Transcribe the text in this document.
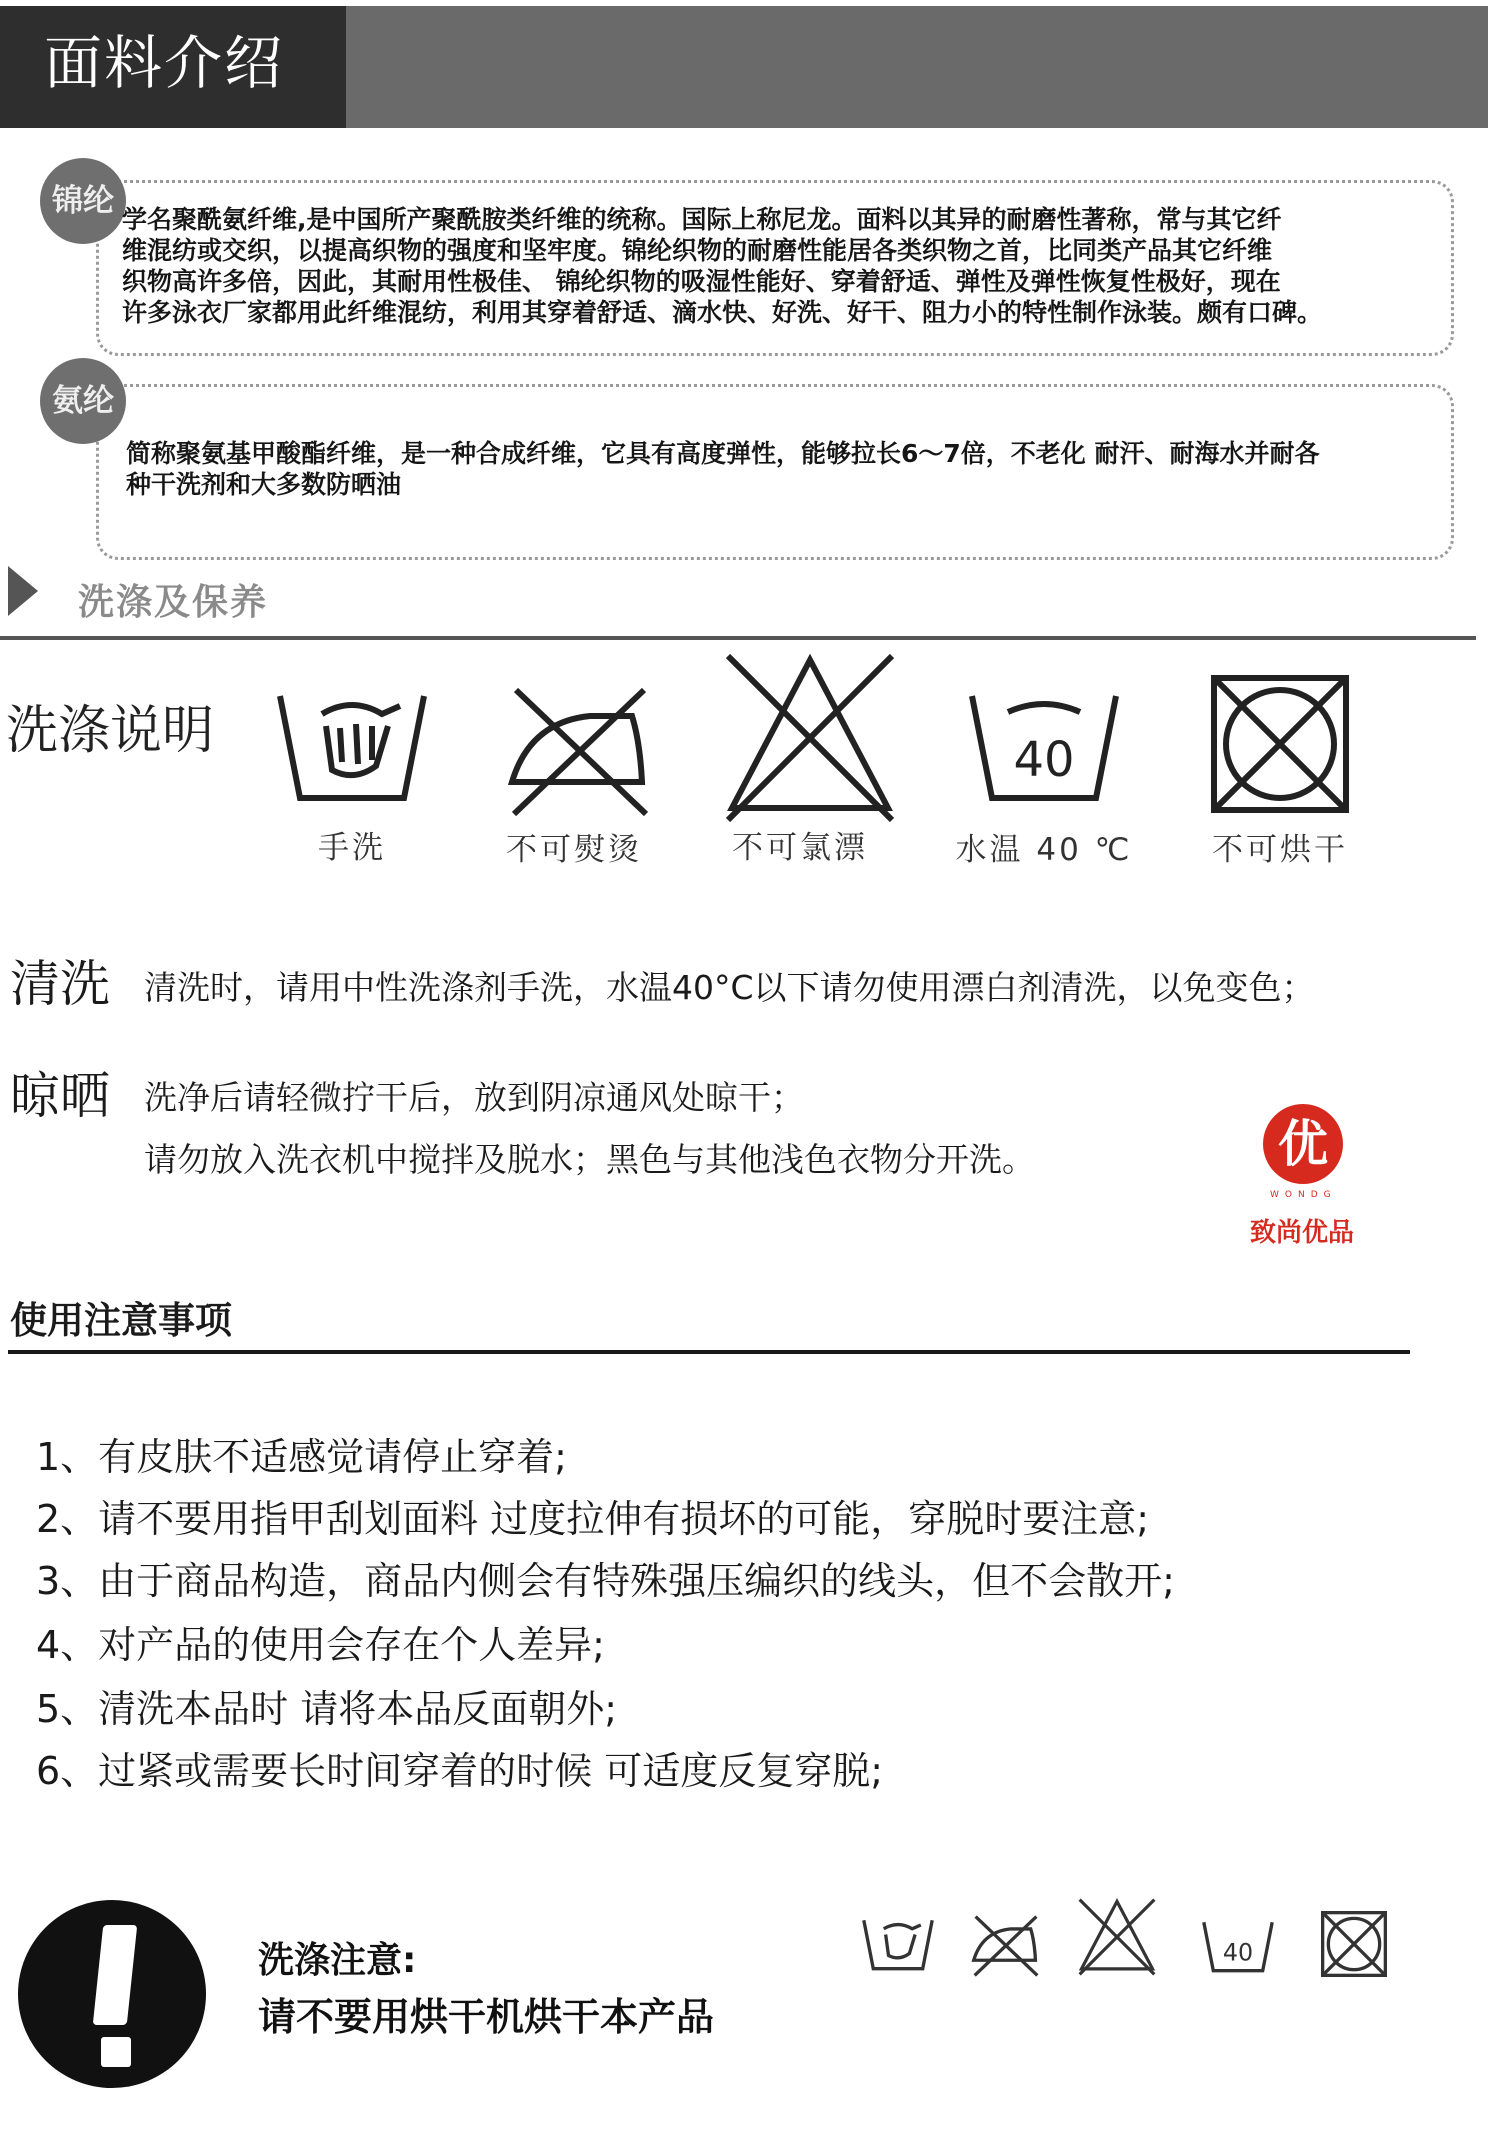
面料介绍
锦纶
学名聚酰氨纤维,是中国所产聚酰胺类纤维的统称。国际上称尼龙。面料以其异的耐磨性著称，常与其它纤
维混纺或交织，以提高织物的强度和坚牢度。锦纶织物的耐磨性能居各类织物之首，比同类产品其它纤维
织物高许多倍，因此，其耐用性极佳、 锦纶织物的吸湿性能好、穿着舒适、弹性及弹性恢复性极好，现在
许多泳衣厂家都用此纤维混纺，利用其穿着舒适、滴水快、好洗、好干、阻力小的特性制作泳装。颇有口碑。
氨纶
简称聚氨基甲酸酯纤维，是一种合成纤维，它具有高度弹性，能够拉长6～7倍，不老化 耐汗、耐海水并耐各
种干洗剂和大多数防晒油
洗涤及保养
洗涤说明	40
手洗	不可熨烫	不可氯漂	水温 40 ℃	不可烘干
清洗 清洗时，请用中性洗涤剂手洗，水温40°C以下请勿使用漂白剂清洗，以免变色；
晾晒 洗净后请轻微拧干后，放到阴凉通风处晾干；
请勿放入洗衣机中搅拌及脱水；黑色与其他浅色衣物分开洗。	优
WONDG
致尚优品
使用注意事项
1、有皮肤不适感觉请停止穿着;
2、请不要用指甲刮划面料 过度拉伸有损坏的可能，穿脱时要注意;
3、由于商品构造，商品内侧会有特殊强压编织的线头，但不会散开;
4、对产品的使用会存在个人差异;
5、清洗本品时 请将本品反面朝外;
6、过紧或需要长时间穿着的时候 可适度反复穿脱;
洗涤注意:
请不要用烘干机烘干本产品
40
